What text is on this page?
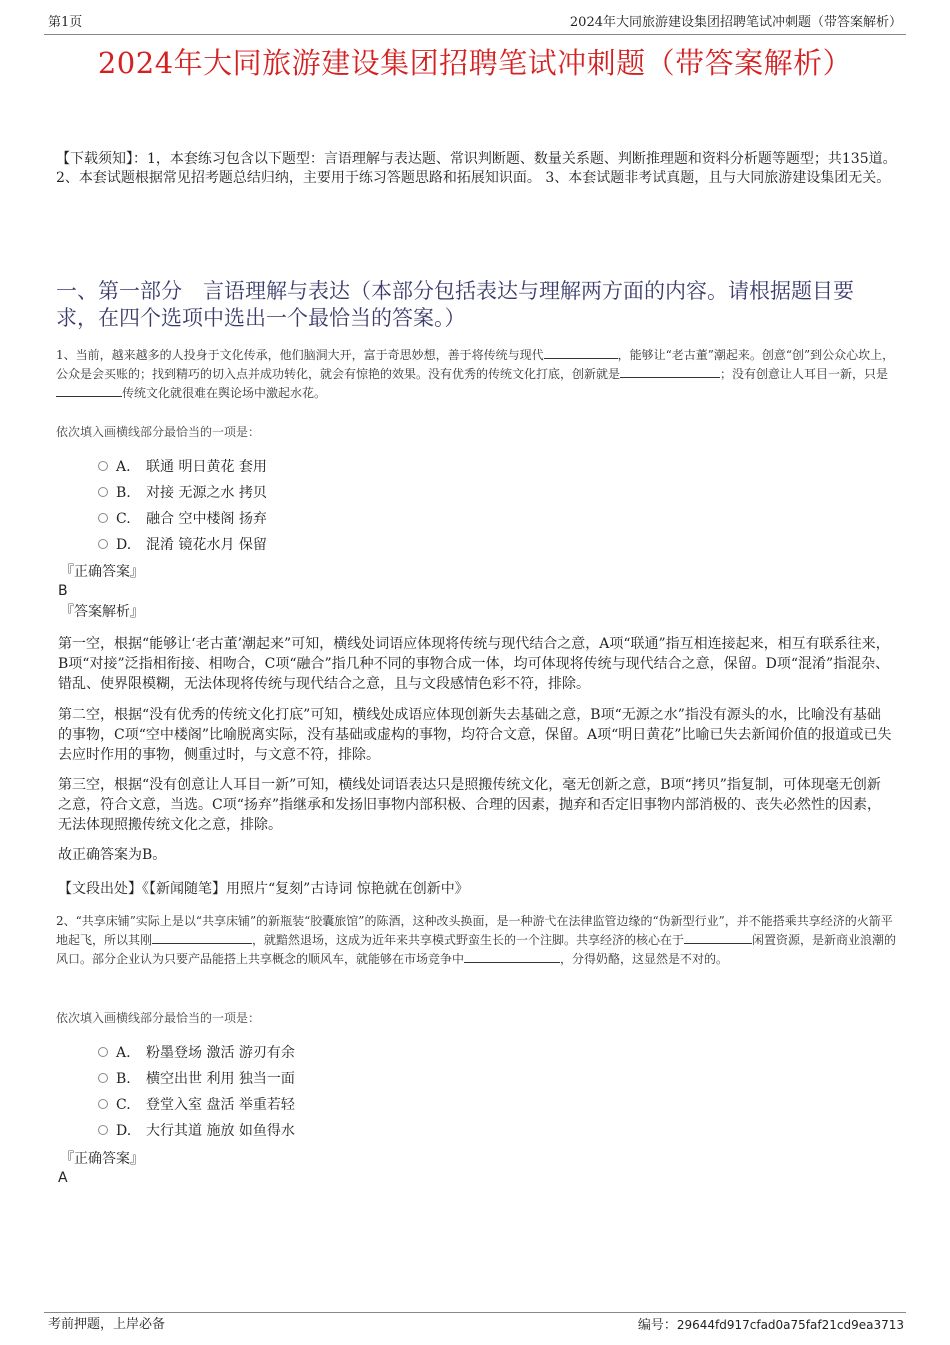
第1页	2024年大同旅游建设集团招聘笔试冲刺题（带答案解析）
2024年大同旅游建设集团招聘笔试冲刺题（带答案解析）
【下载须知】：1，本套练习包含以下题型：言语理解与表达题、常识判断题、数量关系题、判断推理题和资料分析题等题型；共135道。 2、本套试题根据常见招考题总结归纳，主要用于练习答题思路和拓展知识面。 3、本套试题非考试真题，且与大同旅游建设集团无关。
一、第一部分　言语理解与表达（本部分包括表达与理解两方面的内容。请根据题目要求，在四个选项中选出一个最恰当的答案。）
1、当前，越来越多的人投身于文化传承，他们脑洞大开，富于奇思妙想，善于将传统与现代	，能够让“老古董”潮起来。创意“创”到公众心坎上，公众是会买账的；找到精巧的切入点并成功转化，就会有惊艳的效果。没有优秀的传统文化打底，创新就是	；没有创意让人耳目一新，只是传统文化就很难在舆论场中激起水花。
依次填入画横线部分最恰当的一项是：
A. 联通 明日黄花 套用
B. 对接 无源之水 拷贝
C. 融合 空中楼阁 扬弃
D. 混淆 镜花水月 保留
『正确答案』
B
『答案解析』
第一空，根据“能够让‘老古董’潮起来”可知，横线处词语应体现将传统与现代结合之意，A项“联通”指互相连接起来，相互有联系往来，B项“对接”泛指相衔接、相吻合，C项“融合”指几种不同的事物合成一体，均可体现将传统与现代结合之意，保留。D项“混淆”指混杂、错乱、使界限模糊，无法体现将传统与现代结合之意，且与文段感情色彩不符，排除。
第二空，根据“没有优秀的传统文化打底”可知，横线处成语应体现创新失去基础之意，B项“无源之水”指没有源头的水，比喻没有基础的事物，C项“空中楼阁”比喻脱离实际，没有基础或虚构的事物，均符合文意，保留。A项“明日黄花”比喻已失去新闻价值的报道或已失去应时作用的事物，侧重过时，与文意不符，排除。
第三空，根据“没有创意让人耳目一新”可知，横线处词语表达只是照搬传统文化，毫无创新之意，B项“拷贝”指复制，可体现毫无创新之意，符合文意，当选。C项“扬弃”指继承和发扬旧事物内部积极、合理的因素，抛弃和否定旧事物内部消极的、丧失必然性的因素，无法体现照搬传统文化之意，排除。
故正确答案为B。
【文段出处】《【新闻随笔】用照片“复刻”古诗词 惊艳就在创新中》
2、“共享床铺”实际上是以“共享床铺”的新瓶装“胶囊旅馆”的陈酒，这种改头换面，是一种游弋在法律监管边缘的“伪新型行业”，并不能搭乘共享经济的火箭平地起飞，所以其刚	，就黯然退场，这成为近年来共享模式野蛮生长的一个注脚。共享经济的核心在于	闲置资源，是新商业浪潮的风口。部分企业认为只要产品能搭上共享概念的顺风车，就能够在市场竞争中	，分得奶酪，这显然是不对的。
依次填入画横线部分最恰当的一项是：
A. 粉墨登场 激活 游刃有余
B. 横空出世 利用 独当一面
C. 登堂入室 盘活 举重若轻
D. 大行其道 施放 如鱼得水
『正确答案』
A
考前押题，上岸必备	编号：29644fd917cfad0a75faf21cd9ea3713
